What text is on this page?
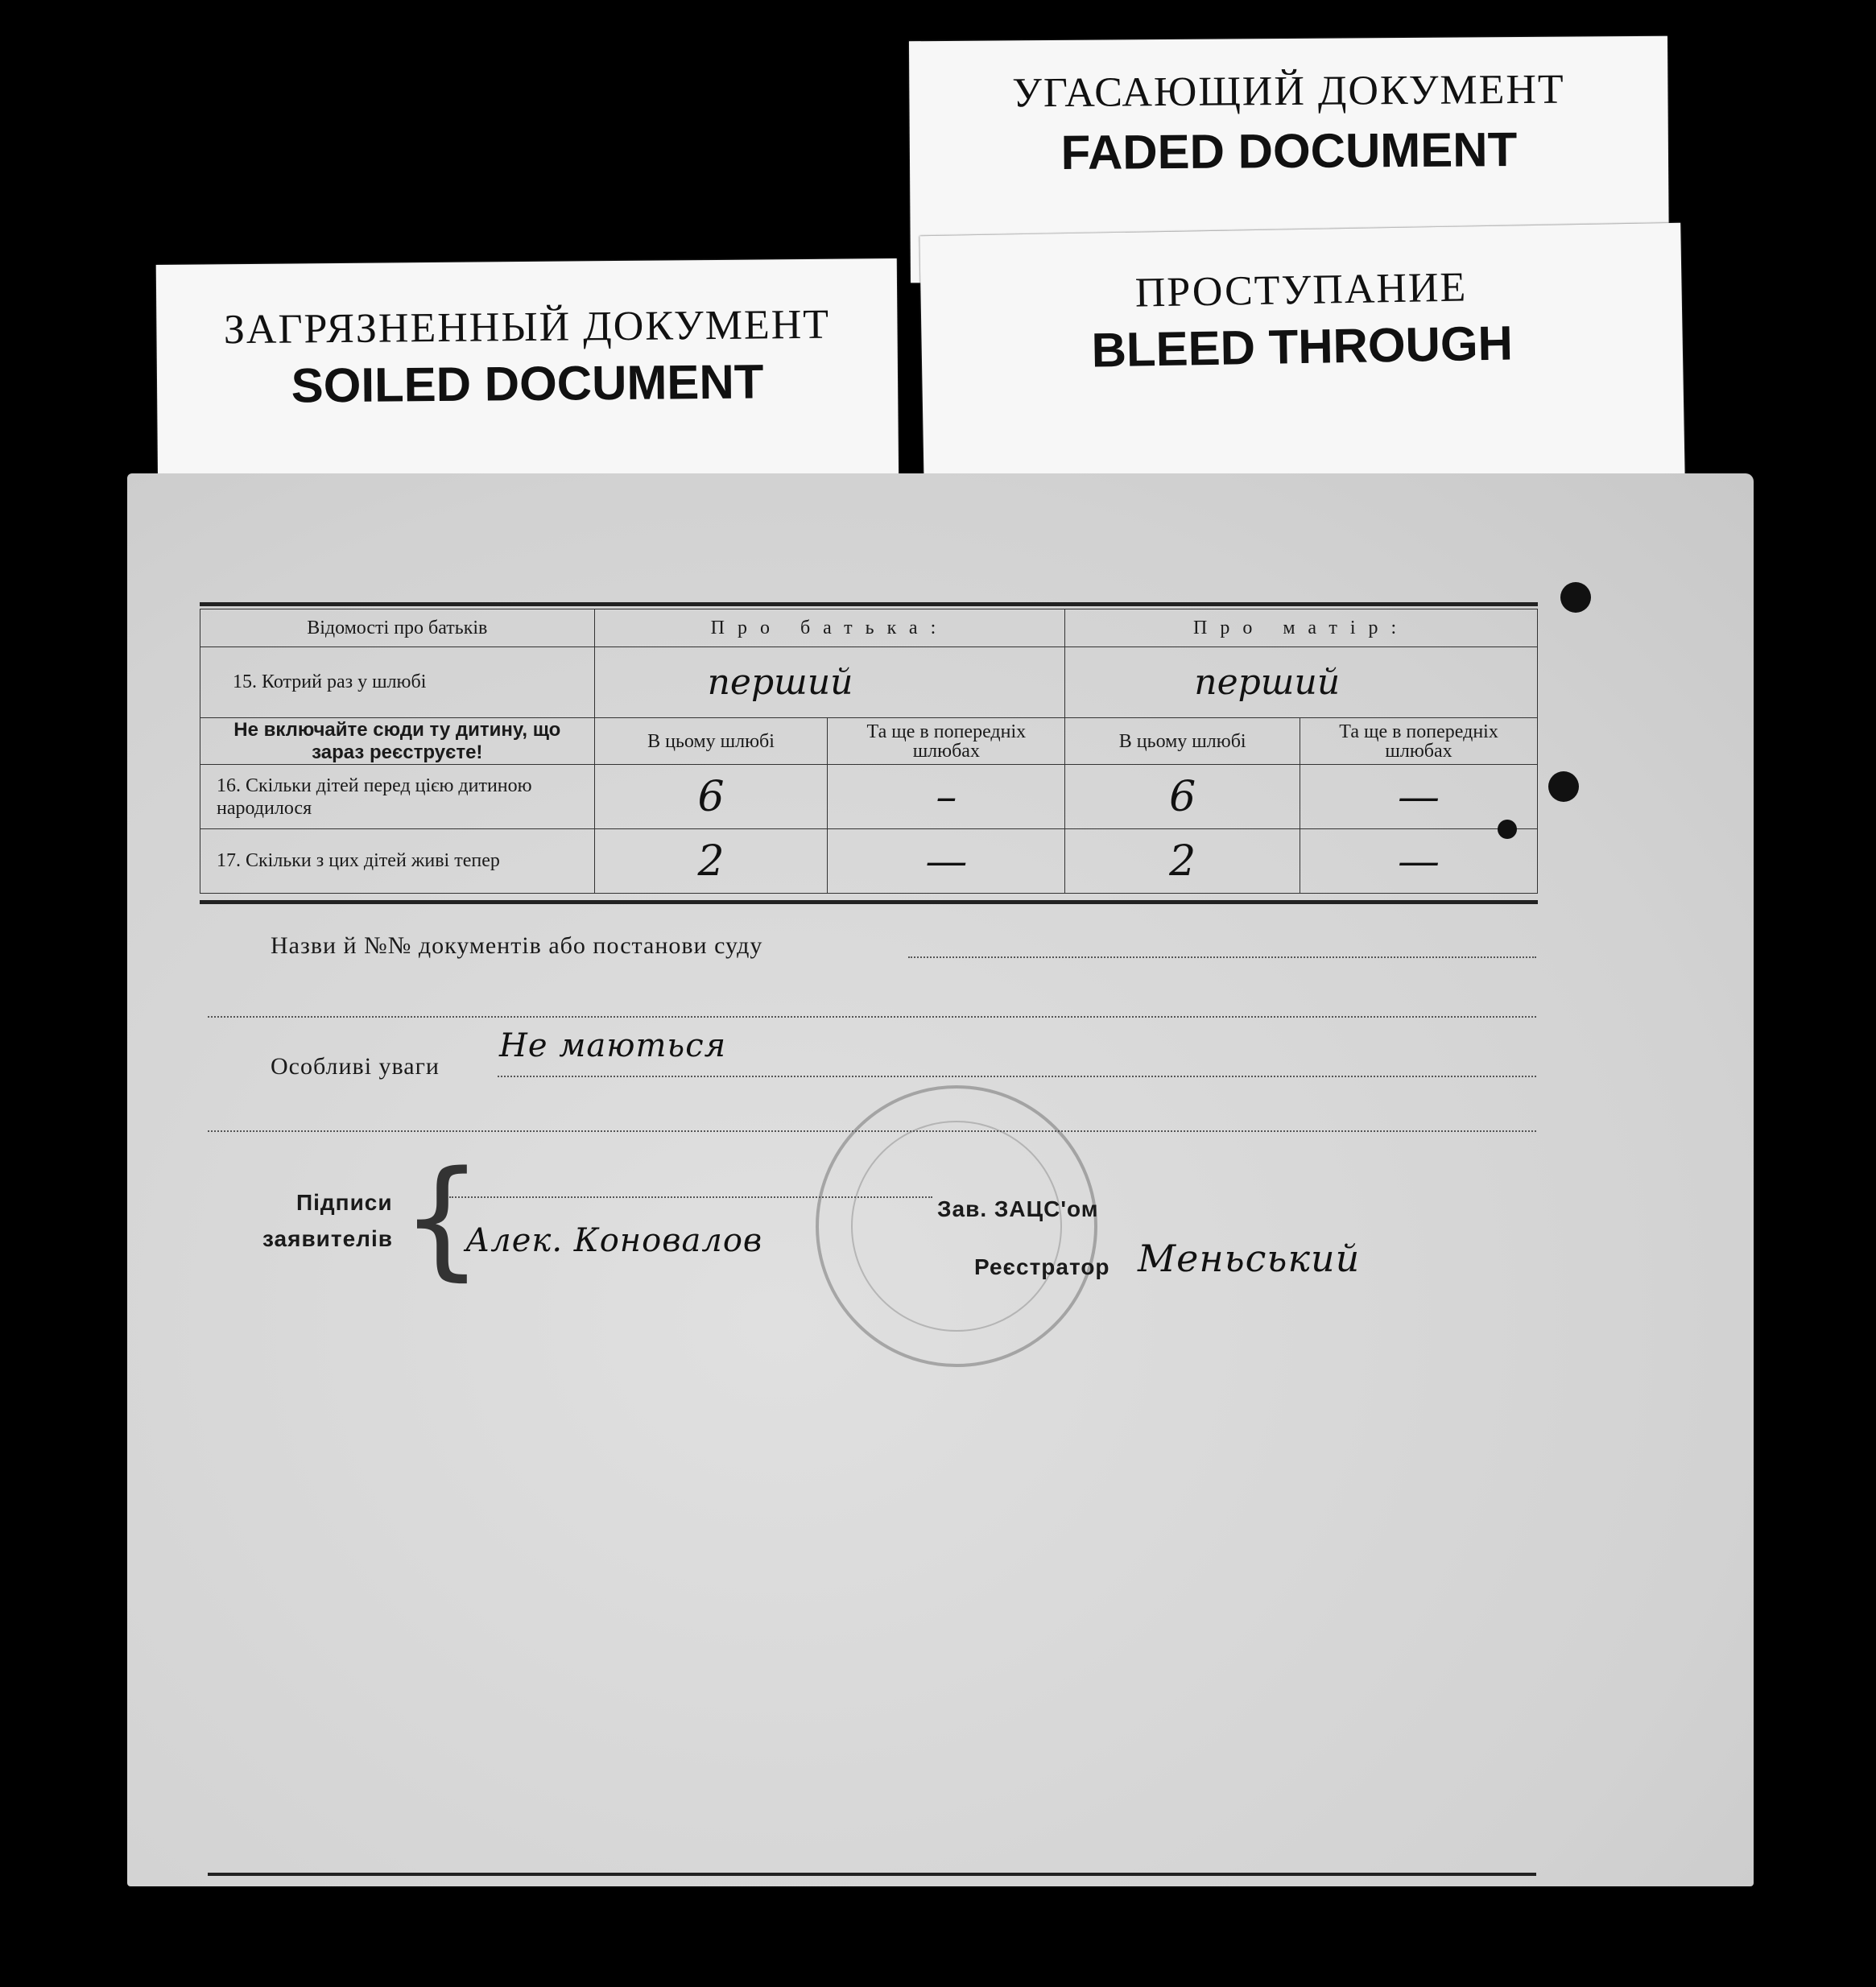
УГАСАЮЩИЙ ДОКУМЕНТ
FADED DOCUMENT
ПРОСТУПАНИЕ
BLEED THROUGH
ЗАГРЯЗНЕННЫЙ ДОКУМЕНТ
SOILED DOCUMENT
Відомості про батьків	Про батька:		Про матір:	
15. Котрий раз у шлюбі	перший		перший	
Не включайте сюди ту дитину, що зараз реєструєте!	В цьому шлюбі	Та ще в попередніх шлюбах	В цьому шлюбі	Та ще в попередніх шлюбах
16. Скільки дітей перед цією дитиною народилося	6	–	6	—
17. Скільки з цих дітей живі тепер	2	—	2	—
Назви й №№ документів або постанови суду
Особливі уваги
Не маються
Підписи
заявителів {
Алек. Коновалов
Зав. ЗАЦС'ом
Реєстратор Меньський
